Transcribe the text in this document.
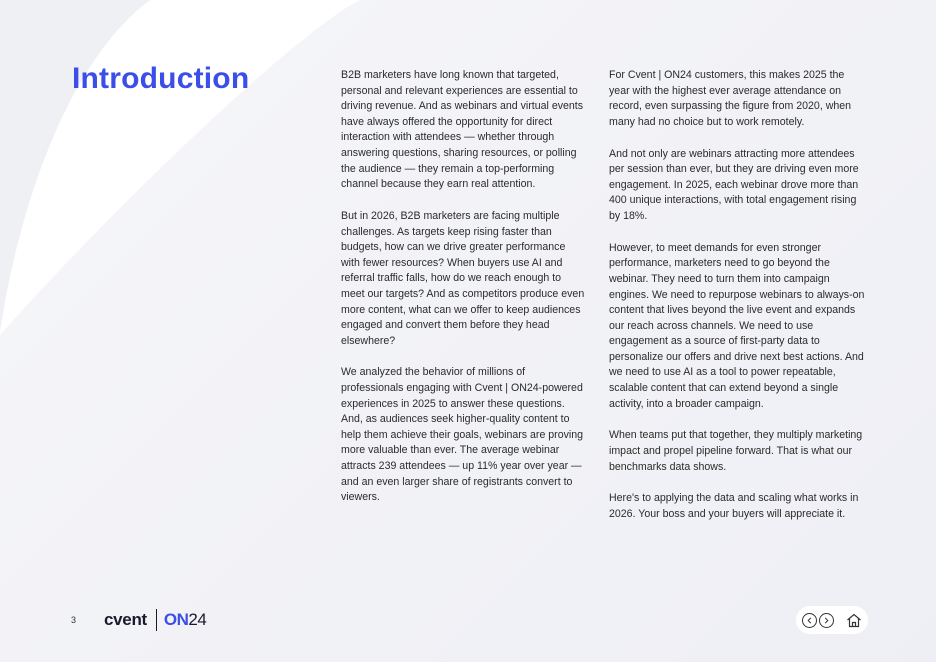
Introduction	B2B marketers have long known that targeted, personal and relevant experiences are essential to driving revenue. And as webinars and virtual events have always offered the opportunity for direct interaction with attendees — whether through answering questions, sharing resources, or polling the audience — they remain a top-performing channel because they earn real attention.

But in 2026, B2B marketers are facing multiple challenges. As targets keep rising faster than budgets, how can we drive greater performance with fewer resources? When buyers use AI and referral traffic falls, how do we reach enough to meet our targets? And as competitors produce even more content, what can we offer to keep audiences engaged and convert them before they head elsewhere?

We analyzed the behavior of millions of professionals engaging with Cvent | ON24-powered experiences in 2025 to answer these questions. And, as audiences seek higher-quality content to help them achieve their goals, webinars are proving more valuable than ever. The average webinar attracts 239 attendees — up 11% year over year — and an even larger share of registrants convert to viewers.

For Cvent | ON24 customers, this makes 2025 the year with the highest ever average attendance on record, even surpassing the figure from 2020, when many had no choice but to work remotely.

And not only are webinars attracting more attendees per session than ever, but they are driving even more engagement. In 2025, each webinar drove more than 400 unique interactions, with total engagement rising by 18%.

However, to meet demands for even stronger performance, marketers need to go beyond the webinar. They need to turn them into campaign engines. We need to repurpose webinars to always-on content that lives beyond the live event and expands our reach across channels. We need to use engagement as a source of first-party data to personalize our offers and drive next best actions. And we need to use AI as a tool to power repeatable, scalable content that can extend beyond a single activity, into a broader campaign.

When teams put that together, they multiply marketing impact and propel pipeline forward. That is what our benchmarks data shows.

Here's to applying the data and scaling what works in 2026. Your boss and your buyers will appreciate it.

3 cvent ON24
